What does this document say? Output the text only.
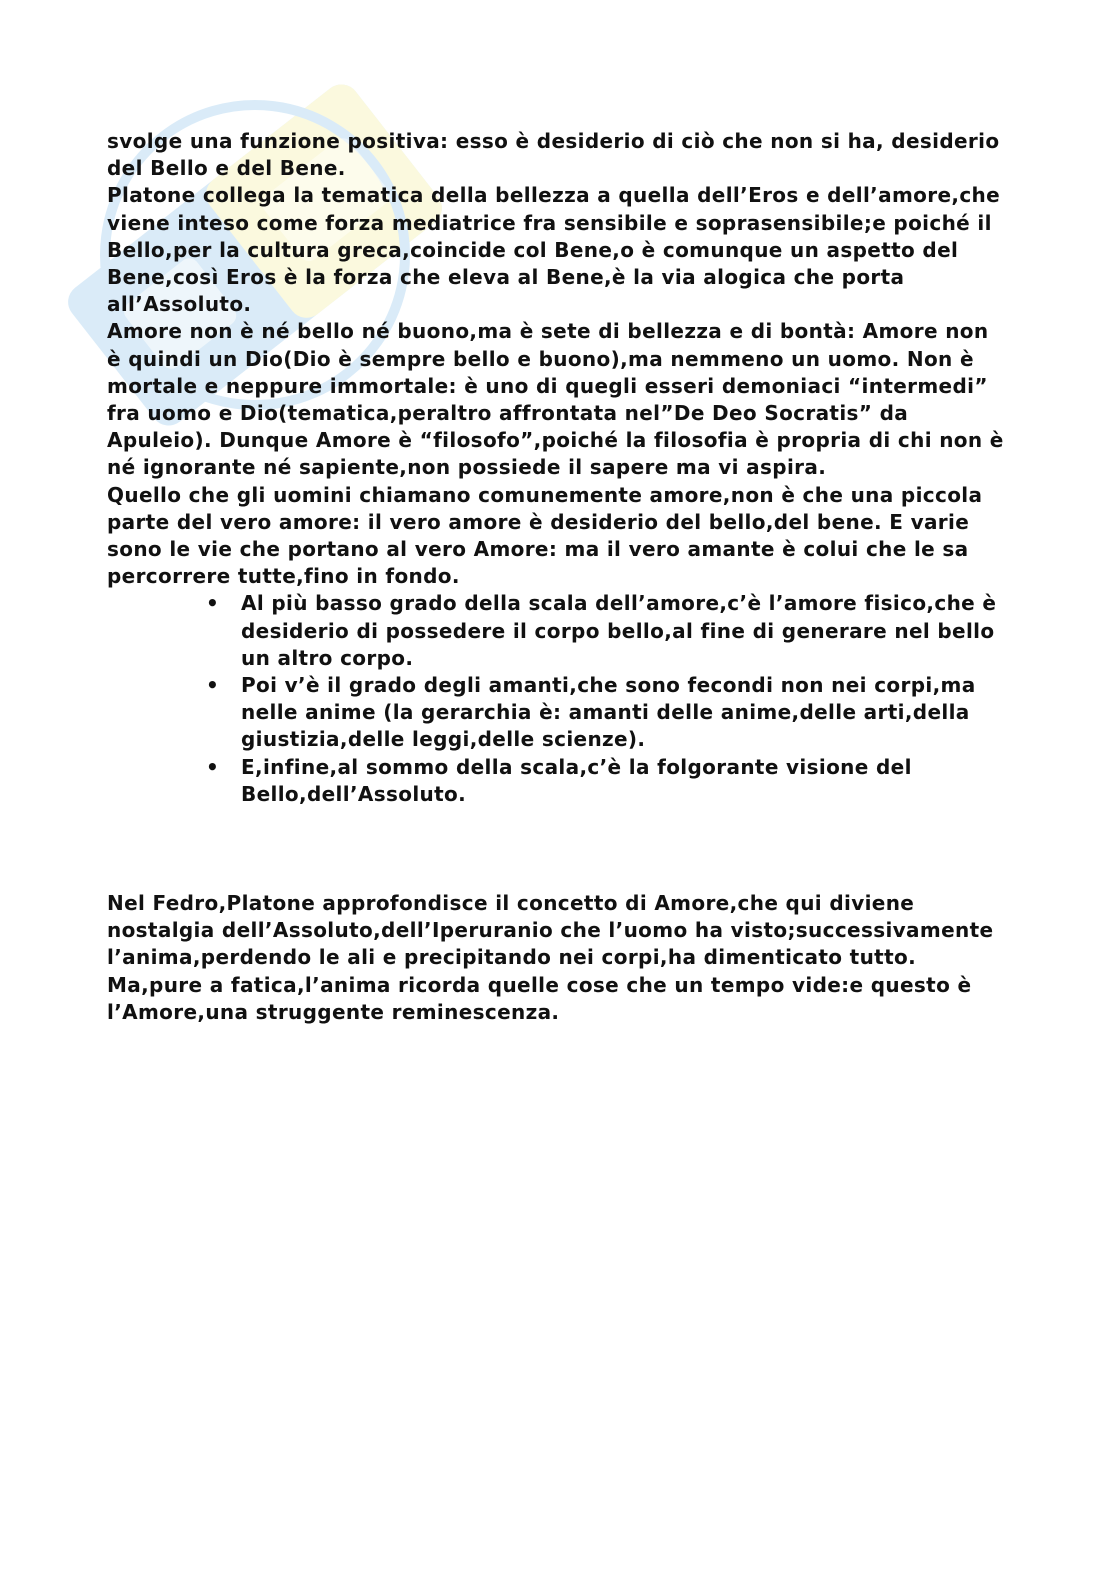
svolge una funzione positiva: esso è desiderio di ciò che non si ha, desiderio del Bello e del Bene.

Platone collega la tematica della bellezza a quella dell’Eros e dell’amore,che viene inteso come forza mediatrice fra sensibile e soprasensibile;e poiché il Bello,per la cultura greca,coincide col Bene,o è comunque un aspetto del Bene,così Eros è la forza che eleva al Bene,è la via alogica che porta all’Assoluto.

Amore non è né bello né buono,ma è sete di bellezza e di bontà: Amore non è quindi un Dio(Dio è sempre bello e buono),ma nemmeno un uomo. Non è mortale e neppure immortale: è uno di quegli esseri demoniaci “intermedi” fra uomo e Dio(tematica,peraltro affrontata nel”De Deo Socratis” da Apuleio). Dunque Amore è “filosofo”,poiché la filosofia è propria di chi non è né ignorante né sapiente,non possiede il sapere ma vi aspira.

Quello che gli uomini chiamano comunemente amore,non è che una piccola parte del vero amore: il vero amore è desiderio del bello,del bene. E varie sono le vie che portano al vero Amore: ma il vero amante è colui che le sa percorrere tutte,fino in fondo.

• Al più basso grado della scala dell’amore,c’è l’amore fisico,che è desiderio di possedere il corpo bello,al fine di generare nel bello un altro corpo.
• Poi v’è il grado degli amanti,che sono fecondi non nei corpi,ma nelle anime (la gerarchia è: amanti delle anime,delle arti,della giustizia,delle leggi,delle scienze).
• E,infine,al sommo della scala,c’è la folgorante visione del Bello,dell’Assoluto.

Nel Fedro,Platone approfondisce il concetto di Amore,che qui diviene nostalgia dell’Assoluto,dell’Iperuranio che l’uomo ha visto;successivamente l’anima,perdendo le ali e precipitando nei corpi,ha dimenticato tutto.

Ma,pure a fatica,l’anima ricorda quelle cose che un tempo vide:e questo è l’Amore,una struggente reminescenza.
